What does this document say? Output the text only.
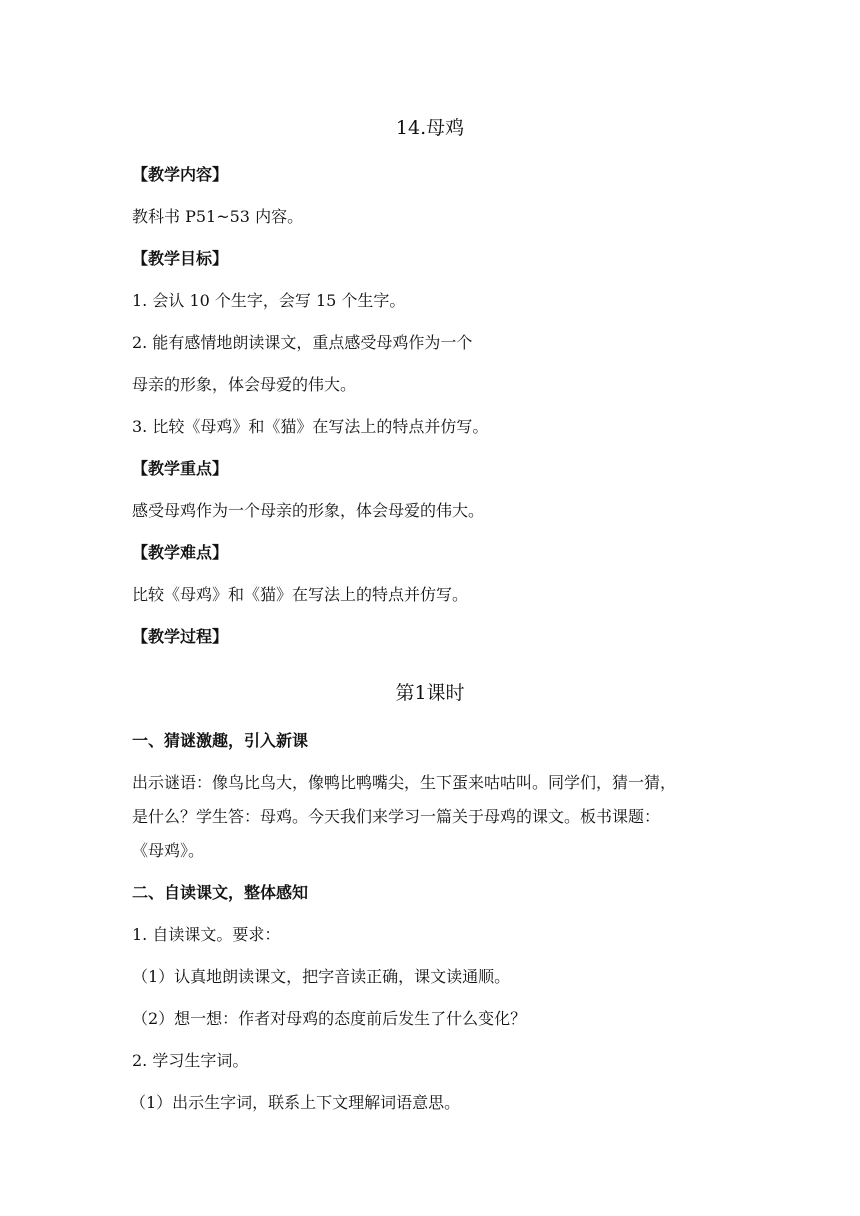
14.母鸡
【教学内容】
教科书 P51~53 内容。
【教学目标】
1. 会认 10 个生字，会写 15 个生字。
2. 能有感情地朗读课文，重点感受母鸡作为一个
母亲的形象，体会母爱的伟大。
3. 比较《母鸡》和《猫》在写法上的特点并仿写。
【教学重点】
感受母鸡作为一个母亲的形象，体会母爱的伟大。
【教学难点】
比较《母鸡》和《猫》在写法上的特点并仿写。
【教学过程】
第1课时
一、猜谜激趣，引入新课
出示谜语：像鸟比鸟大，像鸭比鸭嘴尖，生下蛋来咕咕叫。同学们，猜一猜，
是什么？学生答：母鸡。今天我们来学习一篇关于母鸡的课文。板书课题：
《母鸡》。
二、自读课文，整体感知
1. 自读课文。要求：
（1）认真地朗读课文，把字音读正确，课文读通顺。
（2）想一想：作者对母鸡的态度前后发生了什么变化？
2. 学习生字词。
（1）出示生字词，联系上下文理解词语意思。
